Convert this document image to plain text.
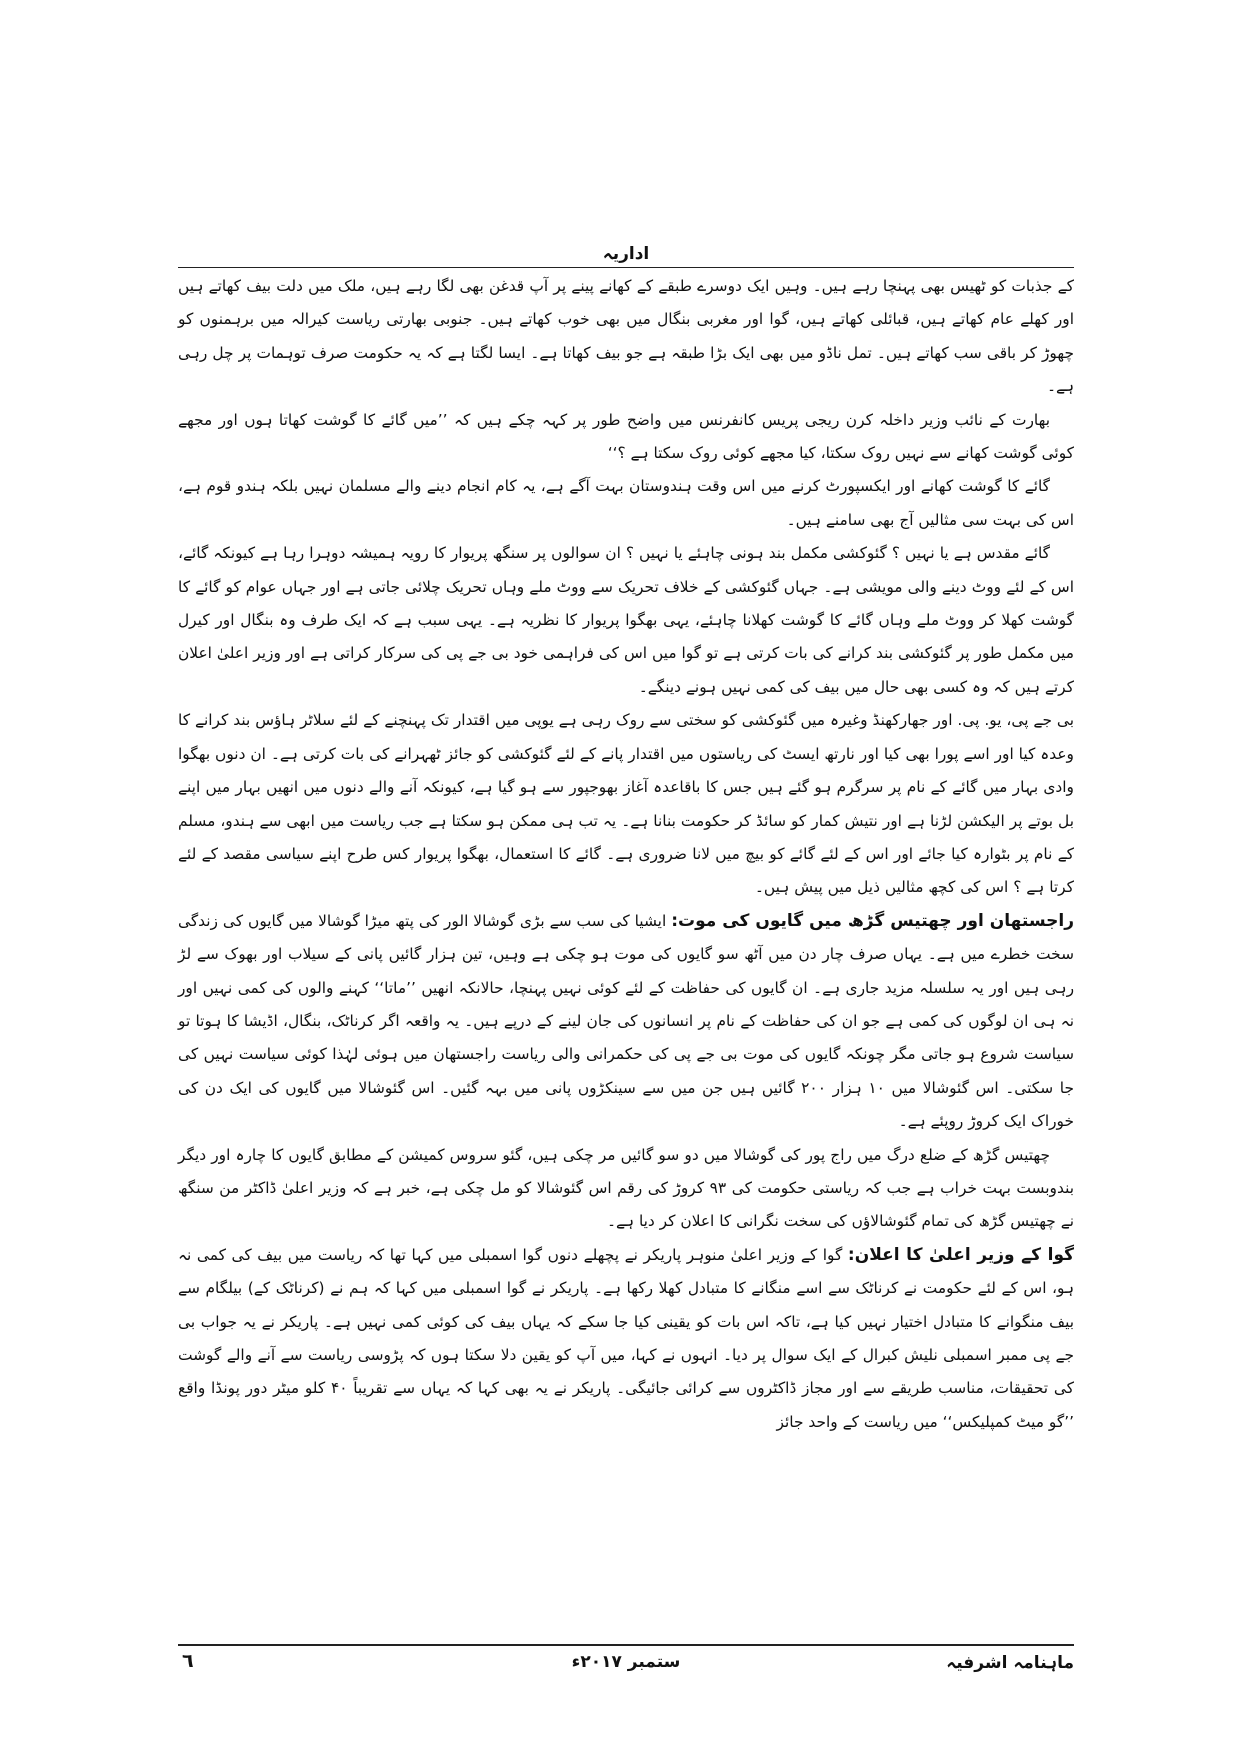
اداریہ

کے جذبات کو ٹھیس بھی پہنچا رہے ہیں۔ وہیں ایک دوسرے طبقے کے کھانے پینے پر آپ قدغن بھی لگا رہے ہیں، ملک میں دلت بیف کھاتے ہیں اور کھلے عام کھاتے ہیں، قبائلی کھاتے ہیں، گوا اور مغربی بنگال میں بھی خوب کھاتے ہیں۔ جنوبی بھارتی ریاست کیرالہ میں برہمنوں کو چھوڑ کر باقی سب کھاتے ہیں۔ تمل ناڈو میں بھی ایک بڑا طبقہ ہے جو بیف کھاتا ہے۔ ایسا لگتا ہے کہ یہ حکومت صرف توہمات پر چل رہی ہے۔

بھارت کے نائب وزیر داخلہ کرن ریجی پریس کانفرنس میں واضح طور پر کہہ چکے ہیں کہ ’’میں گائے کا گوشت کھاتا ہوں اور مجھے کوئی گوشت کھانے سے نہیں روک سکتا، کیا مجھے کوئی روک سکتا ہے ؟‘‘

گائے کا گوشت کھانے اور ایکسپورٹ کرنے میں اس وقت ہندوستان بہت آگے ہے، یہ کام انجام دینے والے مسلمان نہیں بلکہ ہندو قوم ہے، اس کی بہت سی مثالیں آج بھی سامنے ہیں۔

گائے مقدس ہے یا نہیں ؟ گئوکشی مکمل بند ہونی چاہئے یا نہیں ؟ ان سوالوں پر سنگھ پریوار کا رویہ ہمیشہ دوہرا رہا ہے کیونکہ گائے، اس کے لئے ووٹ دینے والی مویشی ہے۔ جہاں گئوکشی کے خلاف تحریک سے ووٹ ملے وہاں تحریک چلائی جاتی ہے اور جہاں عوام کو گائے کا گوشت کھلا کر ووٹ ملے وہاں گائے کا گوشت کھلانا چاہئے، یہی بھگوا پریوار کا نظریہ ہے۔ یہی سبب ہے کہ ایک طرف وہ بنگال اور کیرل میں مکمل طور پر گئوکشی بند کرانے کی بات کرتی ہے تو گوا میں اس کی فراہمی خود بی جے پی کی سرکار کراتی ہے اور وزیر اعلیٰ اعلان کرتے ہیں کہ وہ کسی بھی حال میں بیف کی کمی نہیں ہونے دینگے۔

بی جے پی، یو. پی. اور جھارکھنڈ وغیرہ میں گئوکشی کو سختی سے روک رہی ہے یوپی میں اقتدار تک پہنچنے کے لئے سلاٹر ہاؤس بند کرانے کا وعدہ کیا اور اسے پورا بھی کیا اور نارتھ ایسٹ کی ریاستوں میں اقتدار پانے کے لئے گئوکشی کو جائز ٹھہرانے کی بات کرتی ہے۔ ان دنوں بھگوا وادی بہار میں گائے کے نام پر سرگرم ہو گئے ہیں جس کا باقاعدہ آغاز بھوجپور سے ہو گیا ہے، کیونکہ آنے والے دنوں میں انھیں بہار میں اپنے بل بوتے پر الیکشن لڑنا ہے اور نتیش کمار کو سائڈ کر حکومت بنانا ہے۔ یہ تب ہی ممکن ہو سکتا ہے جب ریاست میں ابھی سے ہندو، مسلم کے نام پر بٹوارہ کیا جائے اور اس کے لئے گائے کو بیچ میں لانا ضروری ہے۔ گائے کا استعمال، بھگوا پریوار کس طرح اپنے سیاسی مقصد کے لئے کرتا ہے ؟ اس کی کچھ مثالیں ذیل میں پیش ہیں۔

راجستھان اور چھتیس گڑھ میں گایوں کی موت: ایشیا کی سب سے بڑی گوشالا الور کی پتھ میڑا گوشالا میں گایوں کی زندگی سخت خطرے میں ہے۔ یہاں صرف چار دن میں آٹھ سو گایوں کی موت ہو چکی ہے وہیں، تین ہزار گائیں پانی کے سیلاب اور بھوک سے لڑ رہی ہیں اور یہ سلسلہ مزید جاری ہے۔ ان گایوں کی حفاظت کے لئے کوئی نہیں پہنچا، حالانکہ انھیں ’’ماتا‘‘ کہنے والوں کی کمی نہیں اور نہ ہی ان لوگوں کی کمی ہے جو ان کی حفاظت کے نام پر انسانوں کی جان لینے کے درپے ہیں۔ یہ واقعہ اگر کرناٹک، بنگال، اڈیشا کا ہوتا تو سیاست شروع ہو جاتی مگر چونکہ گایوں کی موت بی جے پی کی حکمرانی والی ریاست راجستھان میں ہوئی لہٰذا کوئی سیاست نہیں کی جا سکتی۔ اس گئوشالا میں ۱۰ ہزار ۲۰۰ گائیں ہیں جن میں سے سینکڑوں پانی میں بہہ گئیں۔ اس گئوشالا میں گایوں کی ایک دن کی خوراک ایک کروڑ روپئے ہے۔

چھتیس گڑھ کے ضلع درگ میں راج پور کی گوشالا میں دو سو گائیں مر چکی ہیں، گئو سروس کمیشن کے مطابق گایوں کا چارہ اور دیگر بندوبست بہت خراب ہے جب کہ ریاستی حکومت کی ۹۳ کروڑ کی رقم اس گئوشالا کو مل چکی ہے، خبر ہے کہ وزیر اعلیٰ ڈاکٹر من سنگھ نے چھتیس گڑھ کی تمام گئوشالاؤں کی سخت نگرانی کا اعلان کر دیا ہے۔

گوا کے وزیر اعلیٰ کا اعلان: گوا کے وزیر اعلیٰ منوہر پاریکر نے پچھلے دنوں گوا اسمبلی میں کہا تھا کہ ریاست میں بیف کی کمی نہ ہو، اس کے لئے حکومت نے کرناٹک سے اسے منگانے کا متبادل کھلا رکھا ہے۔ پاریکر نے گوا اسمبلی میں کہا کہ ہم نے (کرناٹک کے) بیلگام سے بیف منگوانے کا متبادل اختیار نہیں کیا ہے، تاکہ اس بات کو یقینی کیا جا سکے کہ یہاں بیف کی کوئی کمی نہیں ہے۔ پاریکر نے یہ جواب بی جے پی ممبر اسمبلی نلیش کبرال کے ایک سوال پر دیا۔ انہوں نے کہا، میں آپ کو یقین دلا سکتا ہوں کہ پڑوسی ریاست سے آنے والے گوشت کی تحقیقات، مناسب طریقے سے اور مجاز ڈاکٹروں سے کرائی جائیگی۔ پاریکر نے یہ بھی کہا کہ یہاں سے تقریباً ۴۰ کلو میٹر دور پونڈا واقع ’’گو میٹ کمپلیکس‘‘ میں ریاست کے واحد جائز

ماہنامہ اشرفیہ
ستمبر ۲۰۱۷ء
٦
